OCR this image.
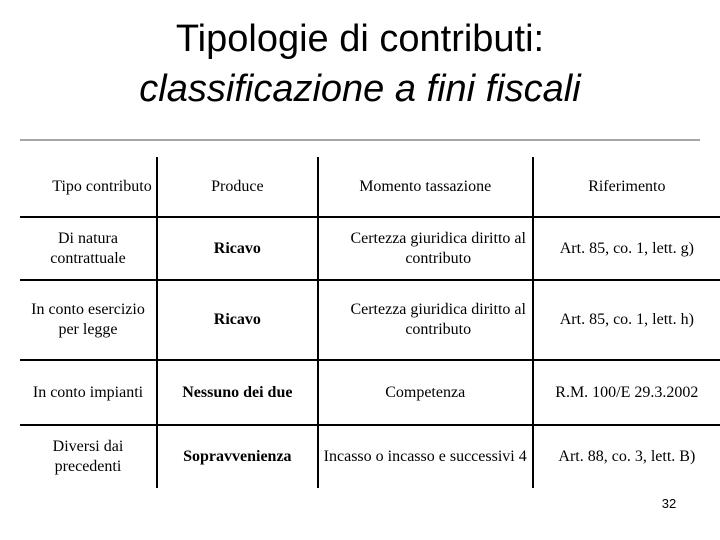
Tipologie di contributi:
classificazione a fini fiscali
Tipo contributo	Produce	Momento tassazione	Riferimento
Di natura contrattuale	Ricavo	Certezza giuridica diritto al contributo	Art. 85, co. 1, lett. g)
In conto esercizio per legge	Ricavo	Certezza giuridica diritto al contributo	Art. 85, co. 1, lett. h)
In conto impianti	Nessuno dei due	Competenza	R.M. 100/E 29.3.2002
Diversi dai precedenti	Sopravvenienza	Incasso o incasso e successivi 4	Art. 88, co. 3, lett. B)
32
